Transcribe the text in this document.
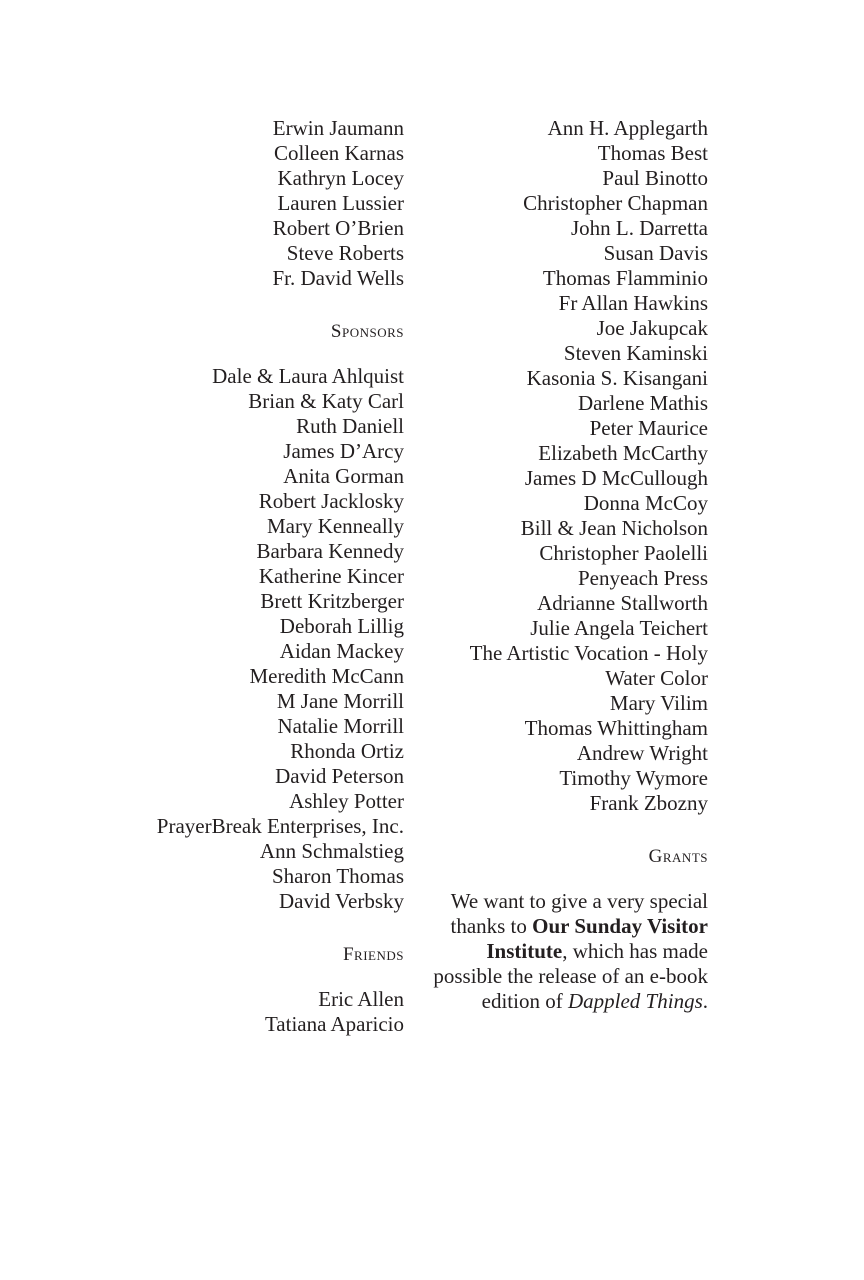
Erwin Jaumann
Colleen Karnas
Kathryn Locey
Lauren Lussier
Robert O’Brien
Steve Roberts
Fr. David Wells
Sponsors
Dale & Laura Ahlquist
Brian & Katy Carl
Ruth Daniell
James D’Arcy
Anita Gorman
Robert Jacklosky
Mary Kenneally
Barbara Kennedy
Katherine Kincer
Brett Kritzberger
Deborah Lillig
Aidan Mackey
Meredith McCann
M Jane Morrill
Natalie Morrill
Rhonda Ortiz
David Peterson
Ashley Potter
PrayerBreak Enterprises, Inc.
Ann Schmalstieg
Sharon Thomas
David Verbsky
Friends
Eric Allen
Tatiana Aparicio
Ann H. Applegarth
Thomas Best
Paul Binotto
Christopher Chapman
John L. Darretta
Susan Davis
Thomas Flamminio
Fr Allan Hawkins
Joe Jakupcak
Steven Kaminski
Kasonia S. Kisangani
Darlene Mathis
Peter Maurice
Elizabeth McCarthy
James D McCullough
Donna McCoy
Bill & Jean Nicholson
Christopher Paolelli
Penyeach Press
Adrianne Stallworth
Julie Angela Teichert
The Artistic Vocation - Holy
Water Color
Mary Vilim
Thomas Whittingham
Andrew Wright
Timothy Wymore
Frank Zbozny
Grants
We want to give a very special thanks to Our Sunday Visitor Institute, which has made possible the release of an e-book edition of Dappled Things.
